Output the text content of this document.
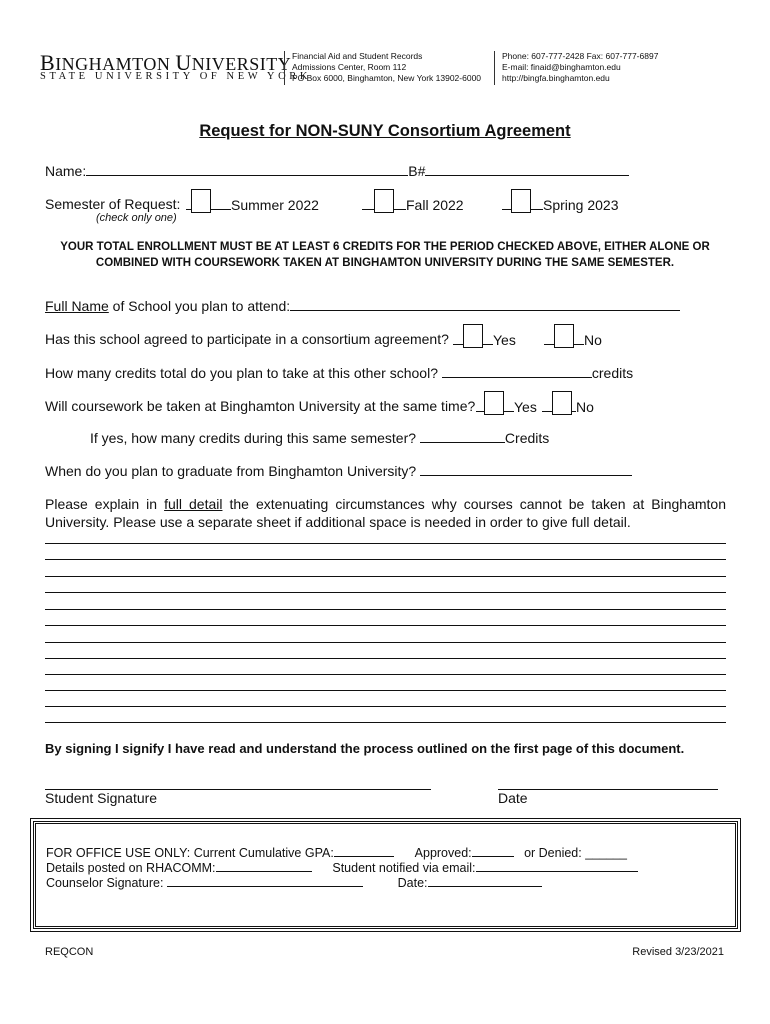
BINGHAMTON UNIVERSITY
STATE UNIVERSITY OF NEW YORK
Financial Aid and Student Records
Admissions Center, Room 112
PO Box 6000, Binghamton, New York 13902-6000
Phone: 607-777-2428 Fax: 607-777-6897
E-mail: finaid@binghamton.edu
http://bingfa.binghamton.edu
Request for NON-SUNY Consortium Agreement
Name:	B#
Semester of Request:	Summer 2022	Fall 2022	Spring 2023
(check only one)
YOUR TOTAL ENROLLMENT MUST BE AT LEAST 6 CREDITS FOR THE PERIOD CHECKED ABOVE, EITHER ALONE OR COMBINED WITH COURSEWORK TAKEN AT BINGHAMTON UNIVERSITY DURING THE SAME SEMESTER.
Full Name of School you plan to attend:
Has this school agreed to participate in a consortium agreement?	Yes	No
How many credits total do you plan to take at this other school?	credits
Will coursework be taken at Binghamton University at the same time?	Yes	No
If yes, how many credits during this same semester?	Credits
When do you plan to graduate from Binghamton University?
Please explain in full detail the extenuating circumstances why courses cannot be taken at Binghamton University. Please use a separate sheet if additional space is needed in order to give full detail.
By signing I signify I have read and understand the process outlined on the first page of this document.
Student Signature	Date
FOR OFFICE USE ONLY: Current Cumulative GPA:	Approved:	or Denied: ______
Details posted on RHACOMM:	Student notified via email:
Counselor Signature:	Date:
REQCON	Revised 3/23/2021
